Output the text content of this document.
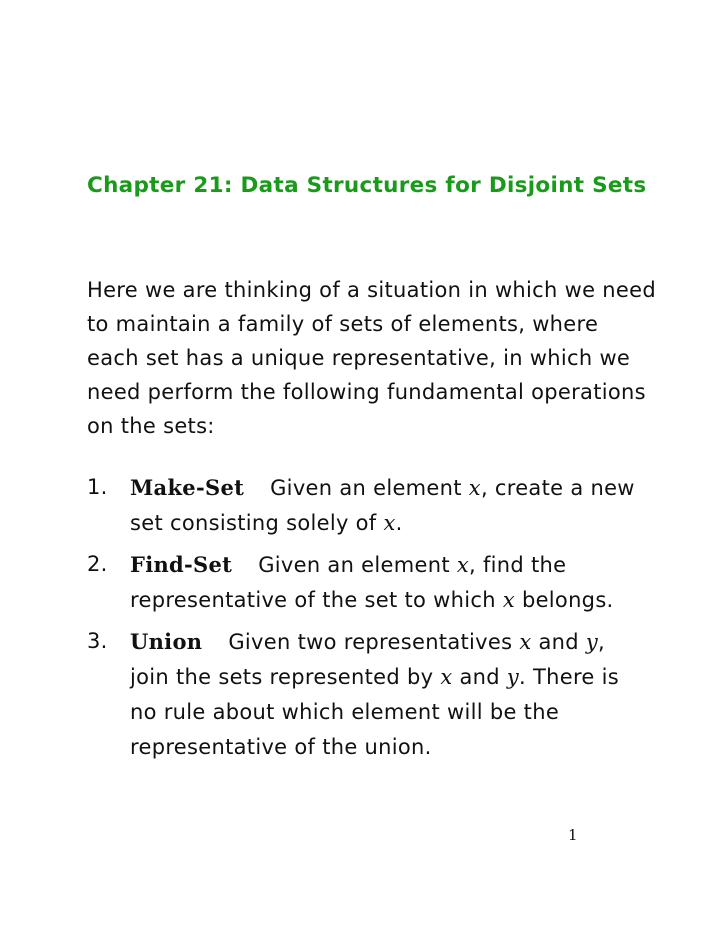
Chapter 21: Data Structures for Disjoint Sets

Here we are thinking of a situation in which we need to maintain a family of sets of elements, where each set has a unique representative, in which we need perform the following fundamental operations on the sets:

1.	Make-Set Given an element x, create a new set consisting solely of x.
2.	Find-Set Given an element x, find the representative of the set to which x belongs.
3.	Union Given two representatives x and y, join the sets represented by x and y. There is no rule about which element will be the representative of the union.
1
